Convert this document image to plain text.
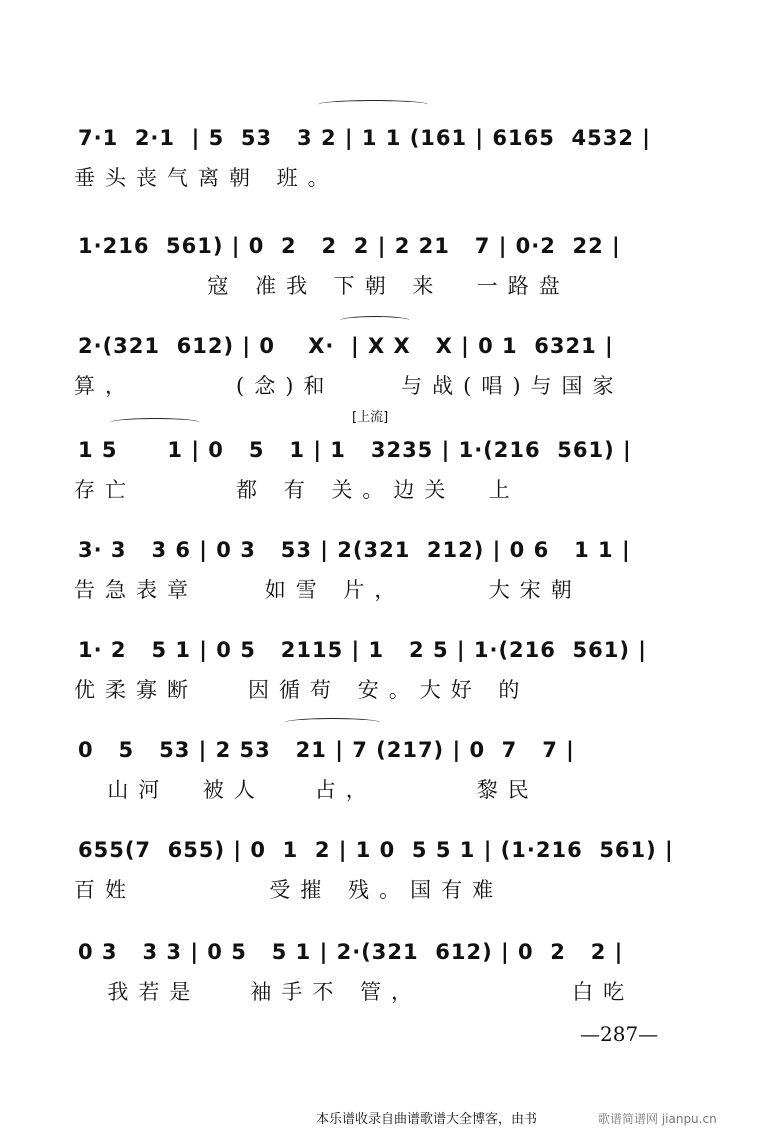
7·1  2·1  | 5  53   3 2 | 1 1 (161 | 6165  4532 |
垂头丧气离朝 班。
1·216  561) | 0  2   2  2 | 2 21   7 | 0·2  22 |
寇 准我 下朝 来  一路盘
2·(321  612) | 0    X·  | X X   X | 0 1  6321 |
算，      (念)和    与战(唱)与国家
[上流]
1 5      1 | 0   5   1 | 1   3235 | 1·(216  561) |
存亡      都 有 关。边关  上
3· 3   3 6 | 0 3   53 | 2(321  212) | 0 6   1 1 |
告急表章    如雪 片，     大宋朝
1· 2   5 1 | 0 5   2115 | 1   2 5 | 1·(216  561) |
优柔寡断   因循苟 安。大好 的
0   5   53 | 2 53   21 | 7 (217) | 0  7   7 |
山河  被人   占，      黎民
655(7  655) | 0  1  2 | 1 0  5 5 1 | (1·216  561) |
百姓        受摧 残。国有难
0 3   3 3 | 0 5   5 1 | 2·(321  612) | 0  2   2 |
我若是   袖手不 管，         白吃
—287—
本乐谱收录自曲谱歌谱大全博客，由书	歌谱简谱网 jianpu.cn
